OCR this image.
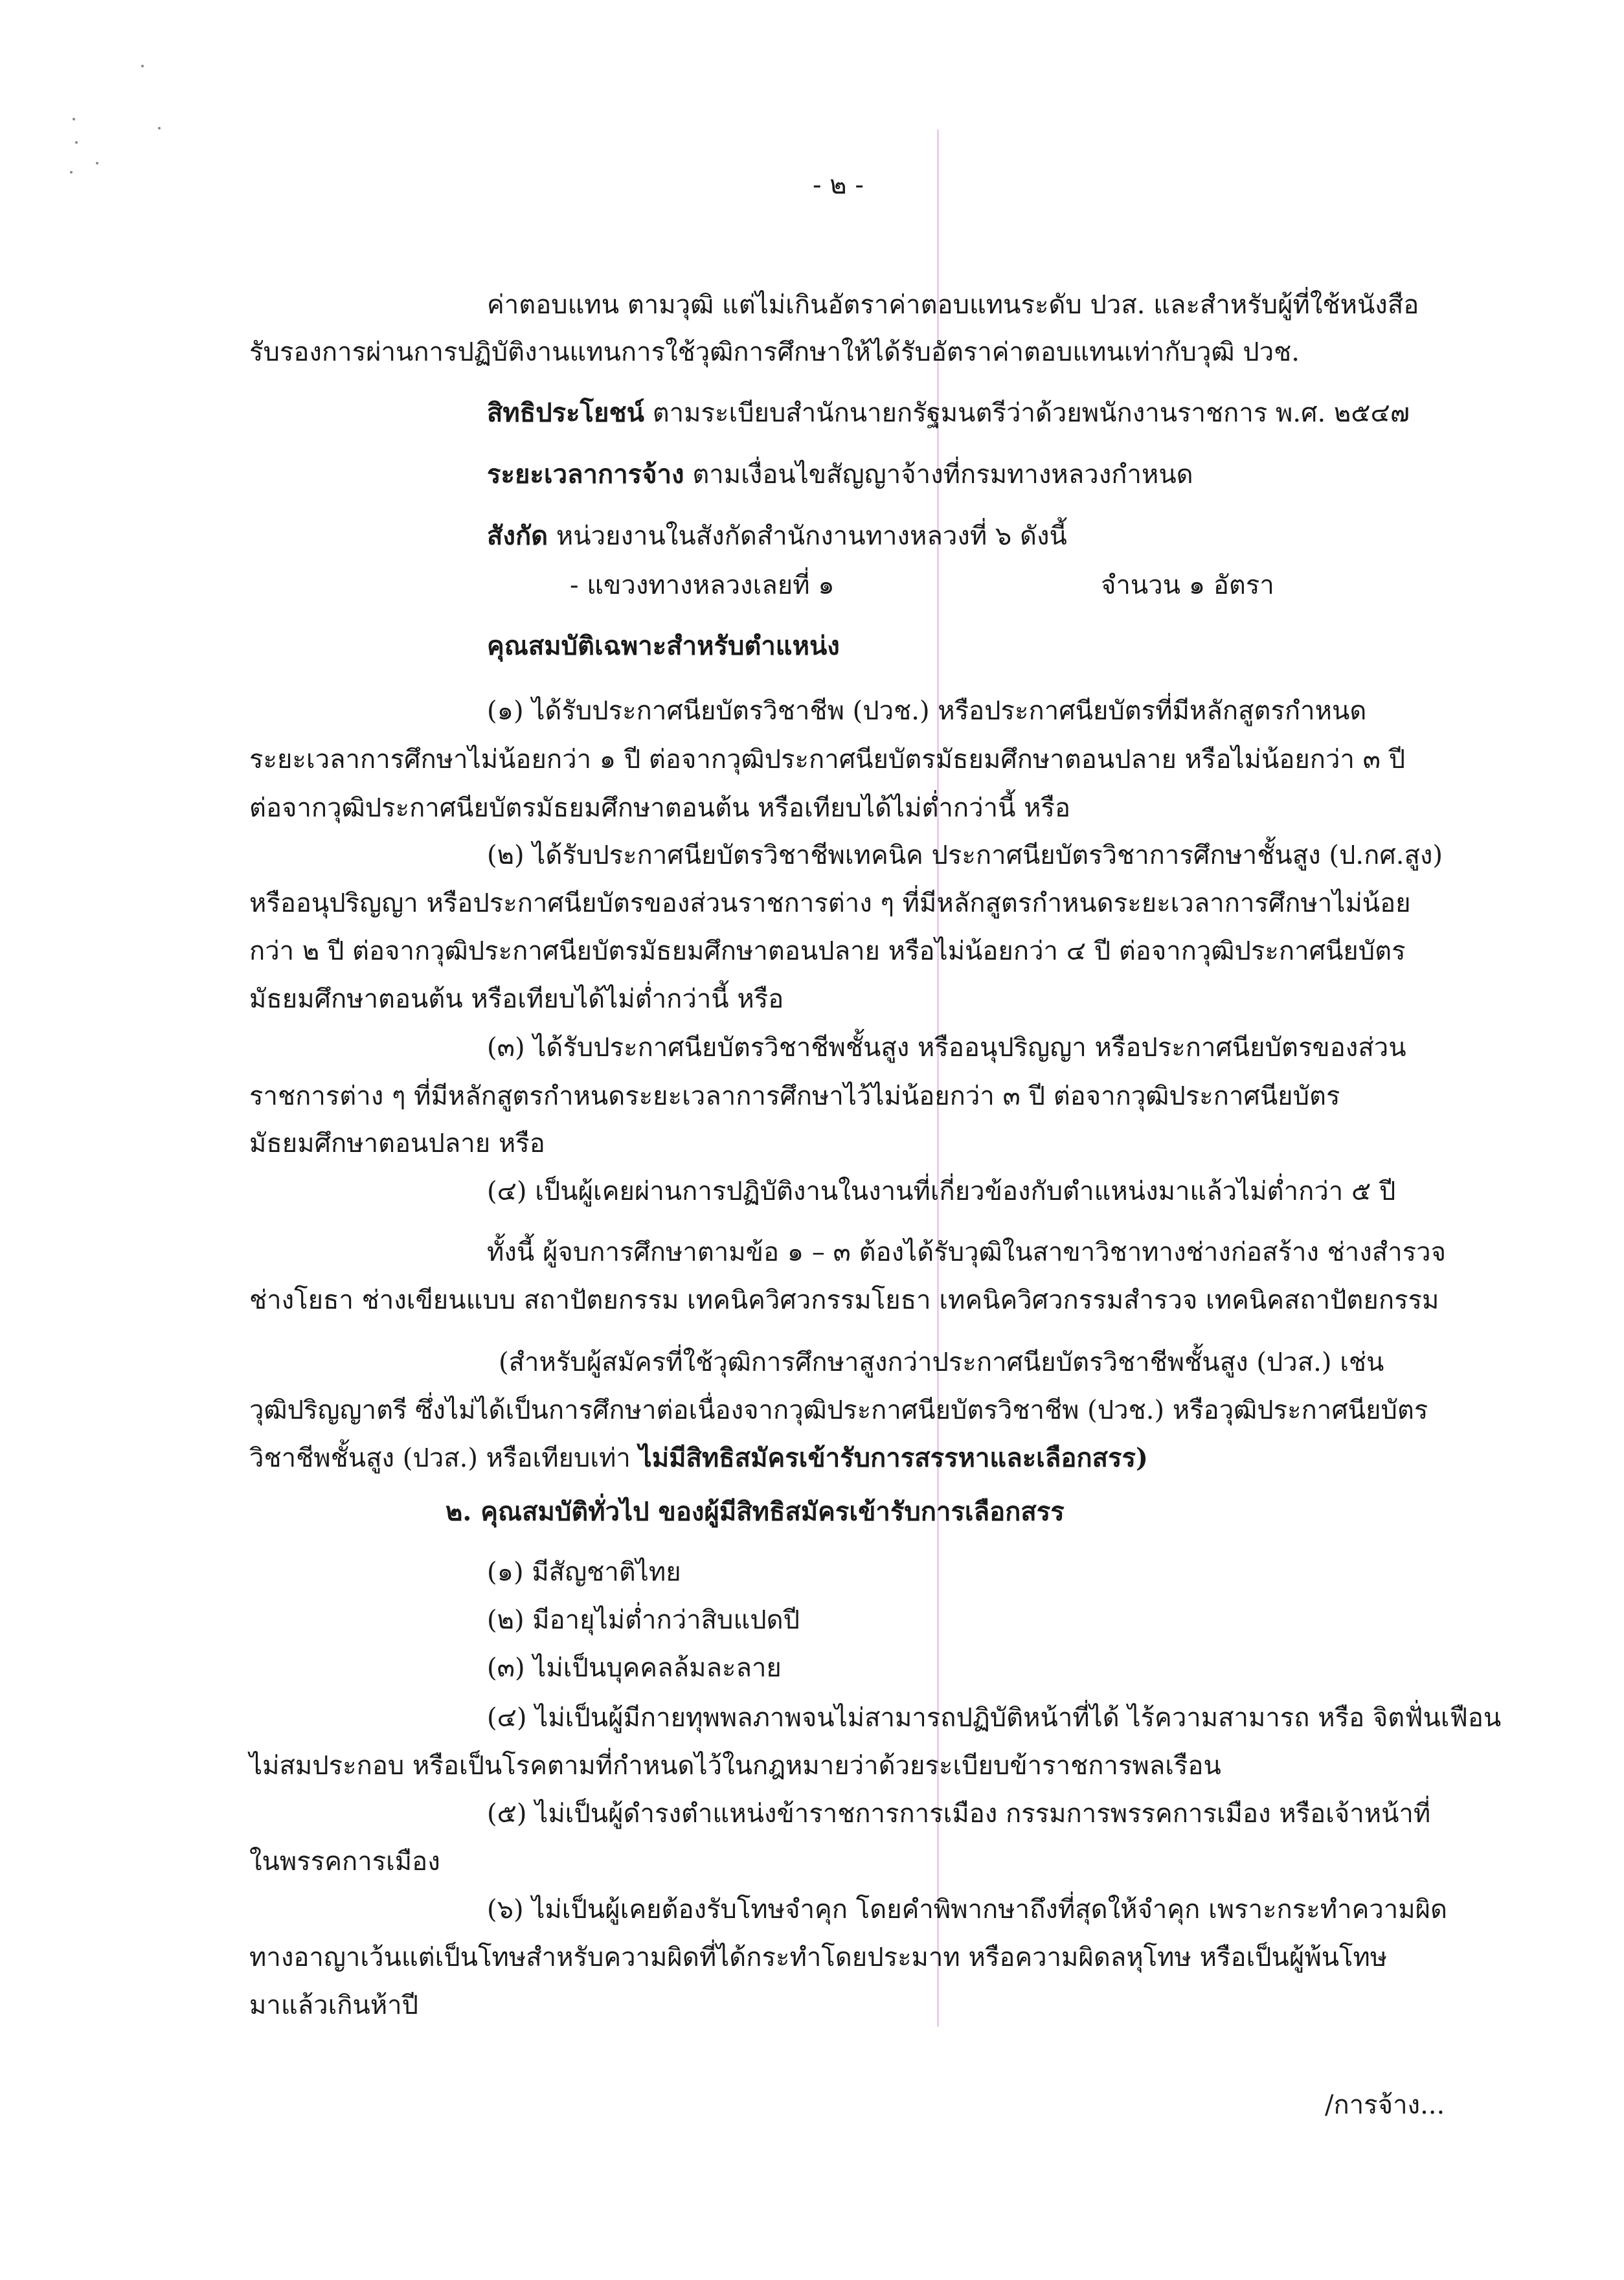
- ๒ -
ค่าตอบแทน ตามวุฒิ แต่ไม่เกินอัตราค่าตอบแทนระดับ ปวส. และสำหรับผู้ที่ใช้หนังสือ
รับรองการผ่านการปฏิบัติงานแทนการใช้วุฒิการศึกษาให้ได้รับอัตราค่าตอบแทนเท่ากับวุฒิ ปวช.
สิทธิประโยชน์ ตามระเบียบสำนักนายกรัฐมนตรีว่าด้วยพนักงานราชการ พ.ศ. ๒๕๔๗
ระยะเวลาการจ้าง ตามเงื่อนไขสัญญาจ้างที่กรมทางหลวงกำหนด
สังกัด หน่วยงานในสังกัดสำนักงานทางหลวงที่ ๖ ดังนี้
- แขวงทางหลวงเลยที่ ๑	จำนวน ๑ อัตรา
คุณสมบัติเฉพาะสำหรับตำแหน่ง
(๑) ได้รับประกาศนียบัตรวิชาชีพ (ปวช.) หรือประกาศนียบัตรที่มีหลักสูตรกำหนด
ระยะเวลาการศึกษาไม่น้อยกว่า ๑ ปี ต่อจากวุฒิประกาศนียบัตรมัธยมศึกษาตอนปลาย หรือไม่น้อยกว่า ๓ ปี
ต่อจากวุฒิประกาศนียบัตรมัธยมศึกษาตอนต้น หรือเทียบได้ไม่ต่ำกว่านี้ หรือ
(๒) ได้รับประกาศนียบัตรวิชาชีพเทคนิค ประกาศนียบัตรวิชาการศึกษาชั้นสูง (ป.กศ.สูง)
หรืออนุปริญญา หรือประกาศนียบัตรของส่วนราชการต่าง ๆ ที่มีหลักสูตรกำหนดระยะเวลาการศึกษาไม่น้อย
กว่า ๒ ปี ต่อจากวุฒิประกาศนียบัตรมัธยมศึกษาตอนปลาย หรือไม่น้อยกว่า ๔ ปี ต่อจากวุฒิประกาศนียบัตร
มัธยมศึกษาตอนต้น หรือเทียบได้ไม่ต่ำกว่านี้ หรือ
(๓) ได้รับประกาศนียบัตรวิชาชีพชั้นสูง หรืออนุปริญญา หรือประกาศนียบัตรของส่วน
ราชการต่าง ๆ ที่มีหลักสูตรกำหนดระยะเวลาการศึกษาไว้ไม่น้อยกว่า ๓ ปี ต่อจากวุฒิประกาศนียบัตร
มัธยมศึกษาตอนปลาย หรือ
(๔) เป็นผู้เคยผ่านการปฏิบัติงานในงานที่เกี่ยวข้องกับตำแหน่งมาแล้วไม่ต่ำกว่า ๕ ปี
ทั้งนี้ ผู้จบการศึกษาตามข้อ ๑ – ๓ ต้องได้รับวุฒิในสาขาวิชาทางช่างก่อสร้าง ช่างสำรวจ
ช่างโยธา ช่างเขียนแบบ สถาปัตยกรรม เทคนิควิศวกรรมโยธา เทคนิควิศวกรรมสำรวจ เทคนิคสถาปัตยกรรม
(สำหรับผู้สมัครที่ใช้วุฒิการศึกษาสูงกว่าประกาศนียบัตรวิชาชีพชั้นสูง (ปวส.) เช่น
วุฒิปริญญาตรี ซึ่งไม่ได้เป็นการศึกษาต่อเนื่องจากวุฒิประกาศนียบัตรวิชาชีพ (ปวช.) หรือวุฒิประกาศนียบัตร
วิชาชีพชั้นสูง (ปวส.) หรือเทียบเท่า ไม่มีสิทธิสมัครเข้ารับการสรรหาและเลือกสรร)
๒. คุณสมบัติทั่วไป ของผู้มีสิทธิสมัครเข้ารับการเลือกสรร
(๑) มีสัญชาติไทย
(๒) มีอายุไม่ต่ำกว่าสิบแปดปี
(๓) ไม่เป็นบุคคลล้มละลาย
(๔) ไม่เป็นผู้มีกายทุพพลภาพจนไม่สามารถปฏิบัติหน้าที่ได้ ไร้ความสามารถ หรือ จิตฟั่นเฟือน
ไม่สมประกอบ หรือเป็นโรคตามที่กำหนดไว้ในกฎหมายว่าด้วยระเบียบข้าราชการพลเรือน
(๕) ไม่เป็นผู้ดำรงตำแหน่งข้าราชการการเมือง กรรมการพรรคการเมือง หรือเจ้าหน้าที่
ในพรรคการเมือง
(๖) ไม่เป็นผู้เคยต้องรับโทษจำคุก โดยคำพิพากษาถึงที่สุดให้จำคุก เพราะกระทำความผิด
ทางอาญาเว้นแต่เป็นโทษสำหรับความผิดที่ได้กระทำโดยประมาท หรือความผิดลหุโทษ หรือเป็นผู้พ้นโทษ
มาแล้วเกินห้าปี
/การจ้าง...
